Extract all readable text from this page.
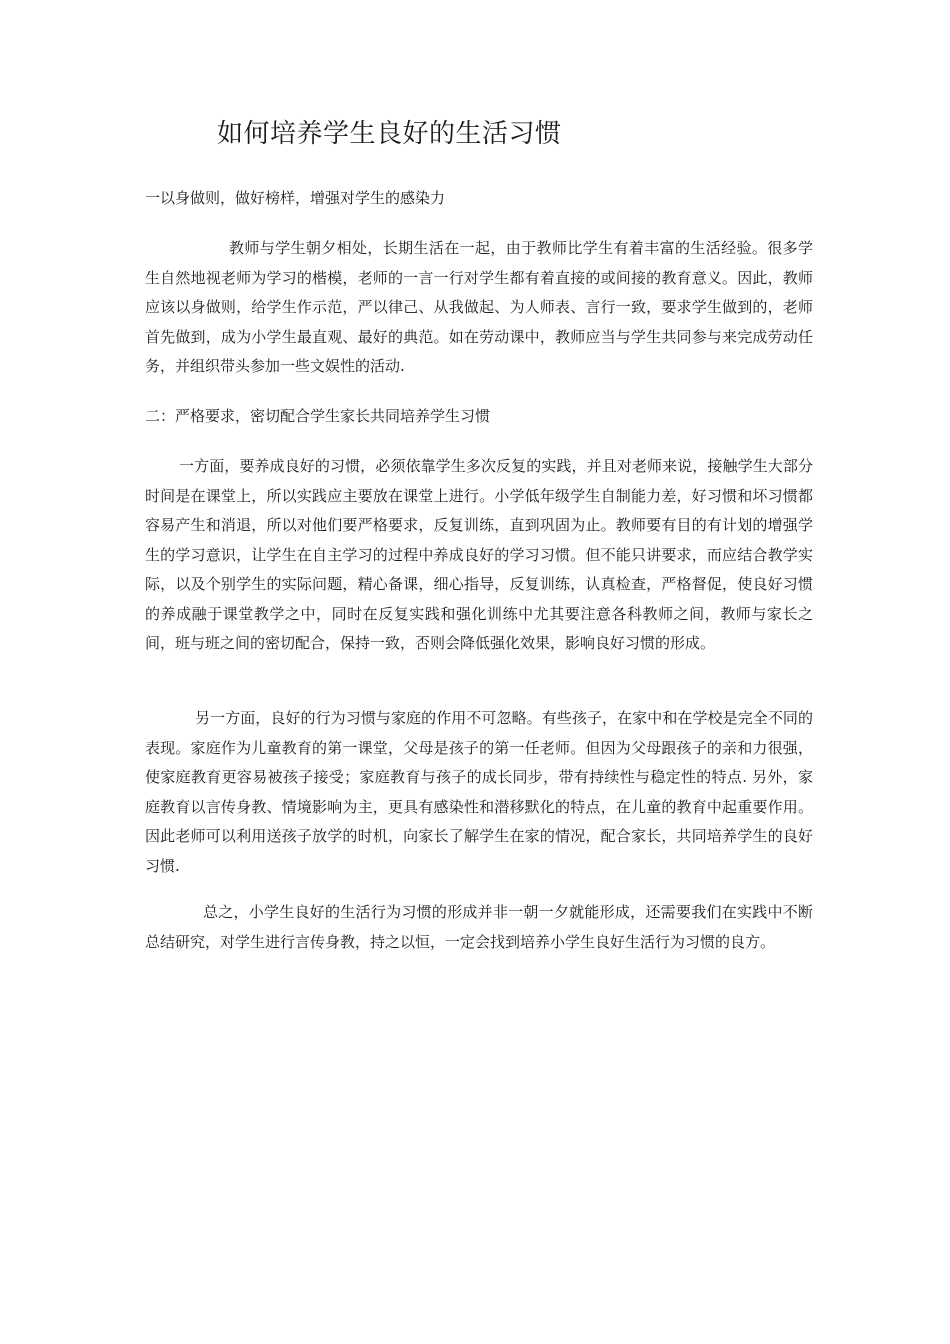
如何培养学生良好的生活习惯

一以身做则，做好榜样，增强对学生的感染力

教师与学生朝夕相处，长期生活在一起，由于教师比学生有着丰富的生活经验。很多学生自然地视老师为学习的楷模，老师的一言一行对学生都有着直接的或间接的教育意义。因此，教师应该以身做则，给学生作示范，严以律己、从我做起、为人师表、言行一致，要求学生做到的，老师首先做到，成为小学生最直观、最好的典范。如在劳动课中，教师应当与学生共同参与来完成劳动任务，并组织带头参加一些文娱性的活动.

二：严格要求，密切配合学生家长共同培养学生习惯

一方面，要养成良好的习惯，必须依靠学生多次反复的实践，并且对老师来说，接触学生大部分时间是在课堂上，所以实践应主要放在课堂上进行。小学低年级学生自制能力差，好习惯和坏习惯都容易产生和消退，所以对他们要严格要求，反复训练，直到巩固为止。教师要有目的有计划的增强学生的学习意识，让学生在自主学习的过程中养成良好的学习习惯。但不能只讲要求，而应结合教学实际，以及个别学生的实际问题，精心备课，细心指导，反复训练，认真检查，严格督促，使良好习惯的养成融于课堂教学之中，同时在反复实践和强化训练中尤其要注意各科教师之间，教师与家长之间，班与班之间的密切配合，保持一致，否则会降低强化效果，影响良好习惯的形成。

另一方面，良好的行为习惯与家庭的作用不可忽略。有些孩子，在家中和在学校是完全不同的表现。家庭作为儿童教育的第一课堂，父母是孩子的第一任老师。但因为父母跟孩子的亲和力很强，使家庭教育更容易被孩子接受；家庭教育与孩子的成长同步，带有持续性与稳定性的特点. 另外，家庭教育以言传身教、情境影响为主，更具有感染性和潜移默化的特点，在儿童的教育中起重要作用。因此老师可以利用送孩子放学的时机，向家长了解学生在家的情况，配合家长，共同培养学生的良好习惯.

总之，小学生良好的生活行为习惯的形成并非一朝一夕就能形成，还需要我们在实践中不断总结研究，对学生进行言传身教，持之以恒，一定会找到培养小学生良好生活行为习惯的良方。
